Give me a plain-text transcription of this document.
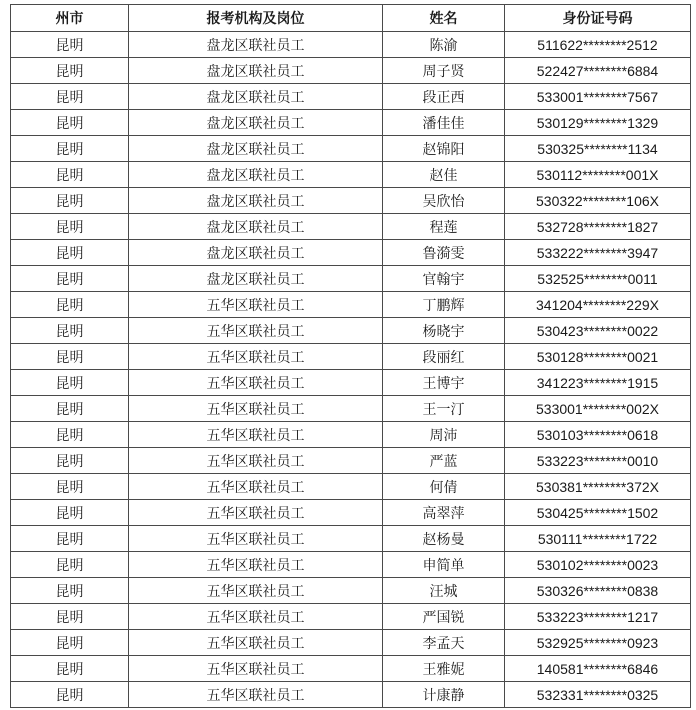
州市	报考机构及岗位	姓名	身份证号码
昆明	盘龙区联社员工	陈渝	511622********2512
昆明	盘龙区联社员工	周子贤	522427********6884
昆明	盘龙区联社员工	段正西	533001********7567
昆明	盘龙区联社员工	潘佳佳	530129********1329
昆明	盘龙区联社员工	赵锦阳	530325********1134
昆明	盘龙区联社员工	赵佳	530112********001X
昆明	盘龙区联社员工	吴欣怡	530322********106X
昆明	盘龙区联社员工	程莲	532728********1827
昆明	盘龙区联社员工	鲁漪雯	533222********3947
昆明	盘龙区联社员工	官翰宇	532525********0011
昆明	五华区联社员工	丁鹏辉	341204********229X
昆明	五华区联社员工	杨晓宇	530423********0022
昆明	五华区联社员工	段丽红	530128********0021
昆明	五华区联社员工	王博宇	341223********1915
昆明	五华区联社员工	王一汀	533001********002X
昆明	五华区联社员工	周沛	530103********0618
昆明	五华区联社员工	严蓝	533223********0010
昆明	五华区联社员工	何倩	530381********372X
昆明	五华区联社员工	高翠萍	530425********1502
昆明	五华区联社员工	赵杨曼	530111********1722
昆明	五华区联社员工	申简单	530102********0023
昆明	五华区联社员工	汪城	530326********0838
昆明	五华区联社员工	严国锐	533223********1217
昆明	五华区联社员工	李孟天	532925********0923
昆明	五华区联社员工	王雅妮	140581********6846
昆明	五华区联社员工	计康静	532331********0325
